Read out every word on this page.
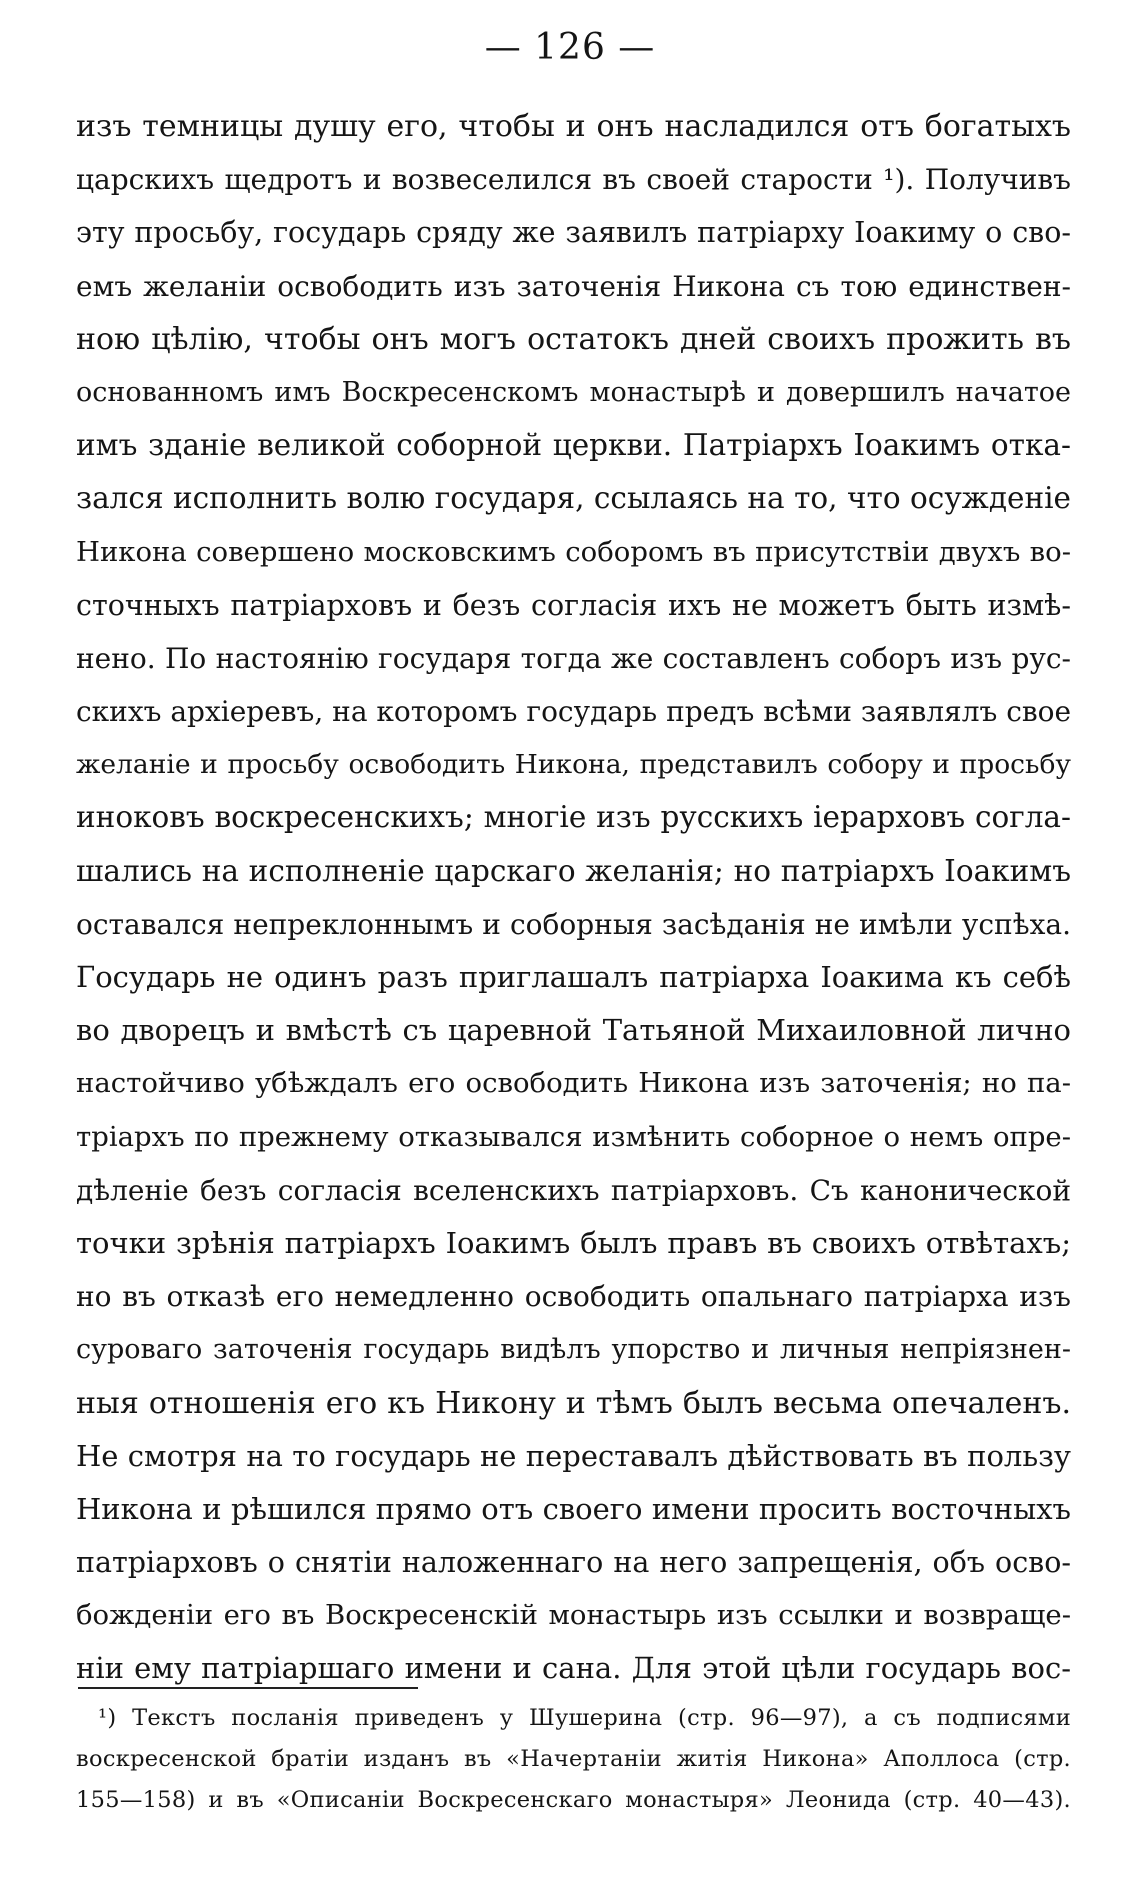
— 126 —
изъ темницы душу его, чтобы и онъ насладился отъ богатыхъ
царскихъ щедротъ и возвеселился въ своей старости ¹). Получивъ
эту просьбу, государь сряду же заявилъ патріарху Іоакиму о сво-
емъ желаніи освободить изъ заточенія Никона съ тою единствен-
ною цѣлію, чтобы онъ могъ остатокъ дней своихъ прожить въ
основанномъ имъ Воскресенскомъ монастырѣ и довершилъ начатое
имъ зданіе великой соборной церкви. Патріархъ Іоакимъ отка-
зался исполнить волю государя, ссылаясь на то, что осужденіе
Никона совершено московскимъ соборомъ въ присутствіи двухъ во-
сточныхъ патріарховъ и безъ согласія ихъ не можетъ быть измѣ-
нено. По настоянію государя тогда же составленъ соборъ изъ рус-
скихъ архіеревъ, на которомъ государь предъ всѣми заявлялъ свое
желаніе и просьбу освободить Никона, представилъ собору и просьбу
иноковъ воскресенскихъ; многіе изъ русскихъ іерарховъ согла-
шались на исполненіе царскаго желанія; но патріархъ Іоакимъ
оставался непреклоннымъ и соборныя засѣданія не имѣли успѣха.
Государь не одинъ разъ приглашалъ патріарха Іоакима къ себѣ
во дворецъ и вмѣстѣ съ царевной Татьяной Михаиловной лично
настойчиво убѣждалъ его освободить Никона изъ заточенія; но па-
тріархъ по прежнему отказывался измѣнить соборное о немъ опре-
дѣленіе безъ согласія вселенскихъ патріарховъ. Съ канонической
точки зрѣнія патріархъ Іоакимъ былъ правъ въ своихъ отвѣтахъ;
но въ отказѣ его немедленно освободить опальнаго патріарха изъ
суроваго заточенія государь видѣлъ упорство и личныя непріязнен-
ныя отношенія его къ Никону и тѣмъ былъ весьма опечаленъ.
Не смотря на то государь не переставалъ дѣйствовать въ пользу
Никона и рѣшился прямо отъ своего имени просить восточныхъ
патріарховъ о снятіи наложеннаго на него запрещенія, объ осво-
божденіи его въ Воскресенскій монастырь изъ ссылки и возвраще-
ніи ему патріаршаго имени и сана. Для этой цѣли государь вос-
¹) Текстъ посланія приведенъ у Шушерина (стр. 96—97), а съ подписями
воскресенской братіи изданъ въ «Начертаніи житія Никона» Аполлоса (стр.
155—158) и въ «Описаніи Воскресенскаго монастыря» Леонида (стр. 40—43).
